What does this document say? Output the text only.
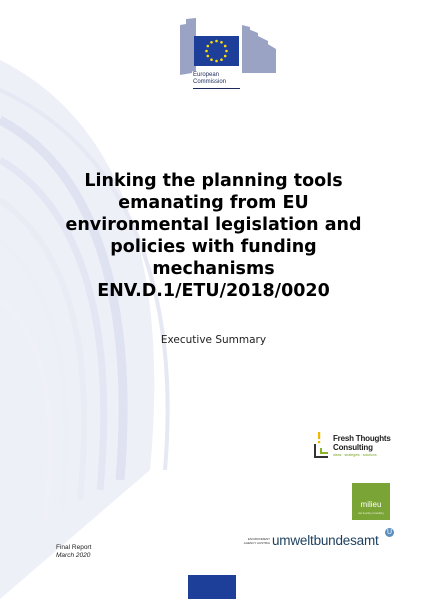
European
Commission
Linking the planning tools
emanating from EU
environmental legislation and
policies with funding
mechanisms
ENV.D.1/ETU/2018/0020
Executive Summary
Fresh Thoughts
Consulting
ideas · strategies · solutions
milieu
law & policy consulting
ENVIRONMENT
AGENCY AUSTRIA umweltbundesamt
U
Final Report
March 2020
